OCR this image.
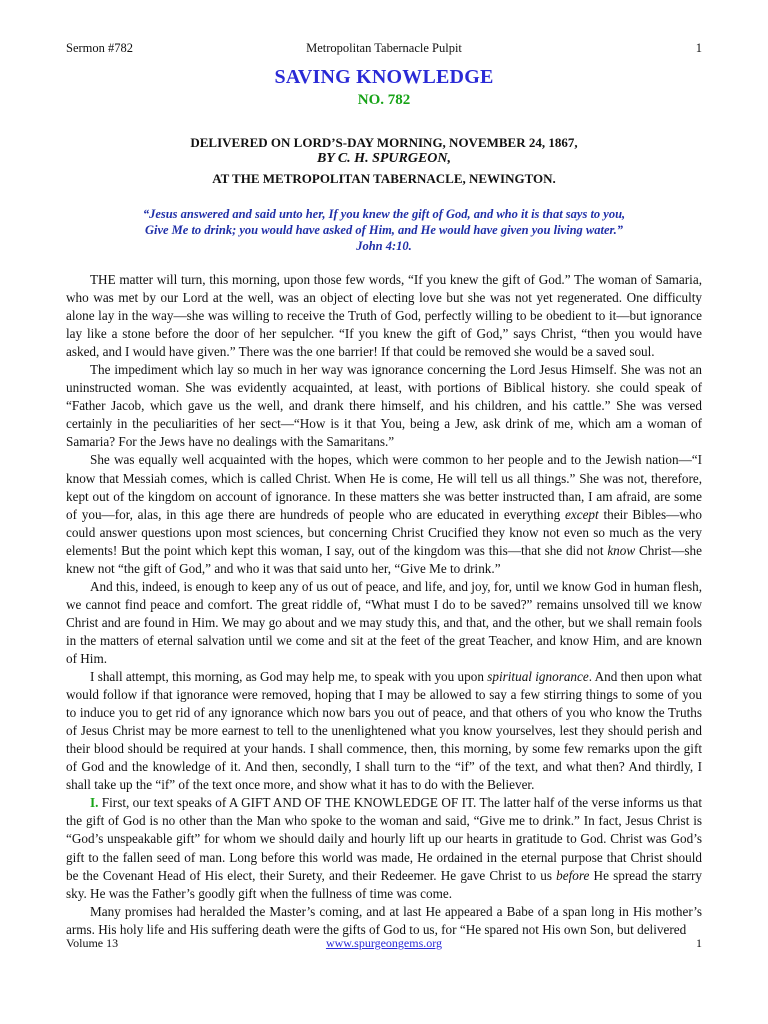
Sermon #782	Metropolitan Tabernacle Pulpit	1
SAVING KNOWLEDGE
NO. 782
DELIVERED ON LORD’S-DAY MORNING, NOVEMBER 24, 1867,
BY C. H. SPURGEON,
AT THE METROPOLITAN TABERNACLE, NEWINGTON.
“Jesus answered and said unto her, If you knew the gift of God, and who it is that says to you,
Give Me to drink; you would have asked of Him, and He would have given you living water.”
John 4:10.

THE matter will turn, this morning, upon those few words, “If you knew the gift of God.” The woman of Samaria, who was met by our Lord at the well, was an object of electing love but she was not yet regenerated. One difficulty alone lay in the way—she was willing to receive the Truth of God, perfectly willing to be obedient to it—but ignorance lay like a stone before the door of her sepulcher. “If you knew the gift of God,” says Christ, “then you would have asked, and I would have given.” There was the one barrier! If that could be removed she would be a saved soul.

The impediment which lay so much in her way was ignorance concerning the Lord Jesus Himself. She was not an uninstructed woman. She was evidently acquainted, at least, with portions of Biblical history. she could speak of “Father Jacob, which gave us the well, and drank there himself, and his children, and his cattle.” She was versed certainly in the peculiarities of her sect—“How is it that You, being a Jew, ask drink of me, which am a woman of Samaria? For the Jews have no dealings with the Samaritans.”

She was equally well acquainted with the hopes, which were common to her people and to the Jewish nation—“I know that Messiah comes, which is called Christ. When He is come, He will tell us all things.” She was not, therefore, kept out of the kingdom on account of ignorance. In these matters she was better instructed than, I am afraid, are some of you—for, alas, in this age there are hundreds of people who are educated in everything except their Bibles—who could answer questions upon most sciences, but concerning Christ Crucified they know not even so much as the very elements! But the point which kept this woman, I say, out of the kingdom was this—that she did not know Christ—she knew not “the gift of God,” and who it was that said unto her, “Give Me to drink.”

And this, indeed, is enough to keep any of us out of peace, and life, and joy, for, until we know God in human flesh, we cannot find peace and comfort. The great riddle of, “What must I do to be saved?” remains unsolved till we know Christ and are found in Him. We may go about and we may study this, and that, and the other, but we shall remain fools in the matters of eternal salvation until we come and sit at the feet of the great Teacher, and know Him, and are known of Him.

I shall attempt, this morning, as God may help me, to speak with you upon spiritual ignorance. And then upon what would follow if that ignorance were removed, hoping that I may be allowed to say a few stirring things to some of you to induce you to get rid of any ignorance which now bars you out of peace, and that others of you who know the Truths of Jesus Christ may be more earnest to tell to the unenlightened what you know yourselves, lest they should perish and their blood should be required at your hands. I shall commence, then, this morning, by some few remarks upon the gift of God and the knowledge of it. And then, secondly, I shall turn to the “if” of the text, and what then? And thirdly, I shall take up the “if” of the text once more, and show what it has to do with the Believer.

I. First, our text speaks of A GIFT AND OF THE KNOWLEDGE OF IT. The latter half of the verse informs us that the gift of God is no other than the Man who spoke to the woman and said, “Give me to drink.” In fact, Jesus Christ is “God’s unspeakable gift” for whom we should daily and hourly lift up our hearts in gratitude to God. Christ was God’s gift to the fallen seed of man. Long before this world was made, He ordained in the eternal purpose that Christ should be the Covenant Head of His elect, their Surety, and their Redeemer. He gave Christ to us before He spread the starry sky. He was the Father’s goodly gift when the fullness of time was come.

Many promises had heralded the Master’s coming, and at last He appeared a Babe of a span long in His mother’s arms. His holy life and His suffering death were the gifts of God to us, for “He spared not His own Son, but delivered

Volume 13	www.spurgeongems.org	1
